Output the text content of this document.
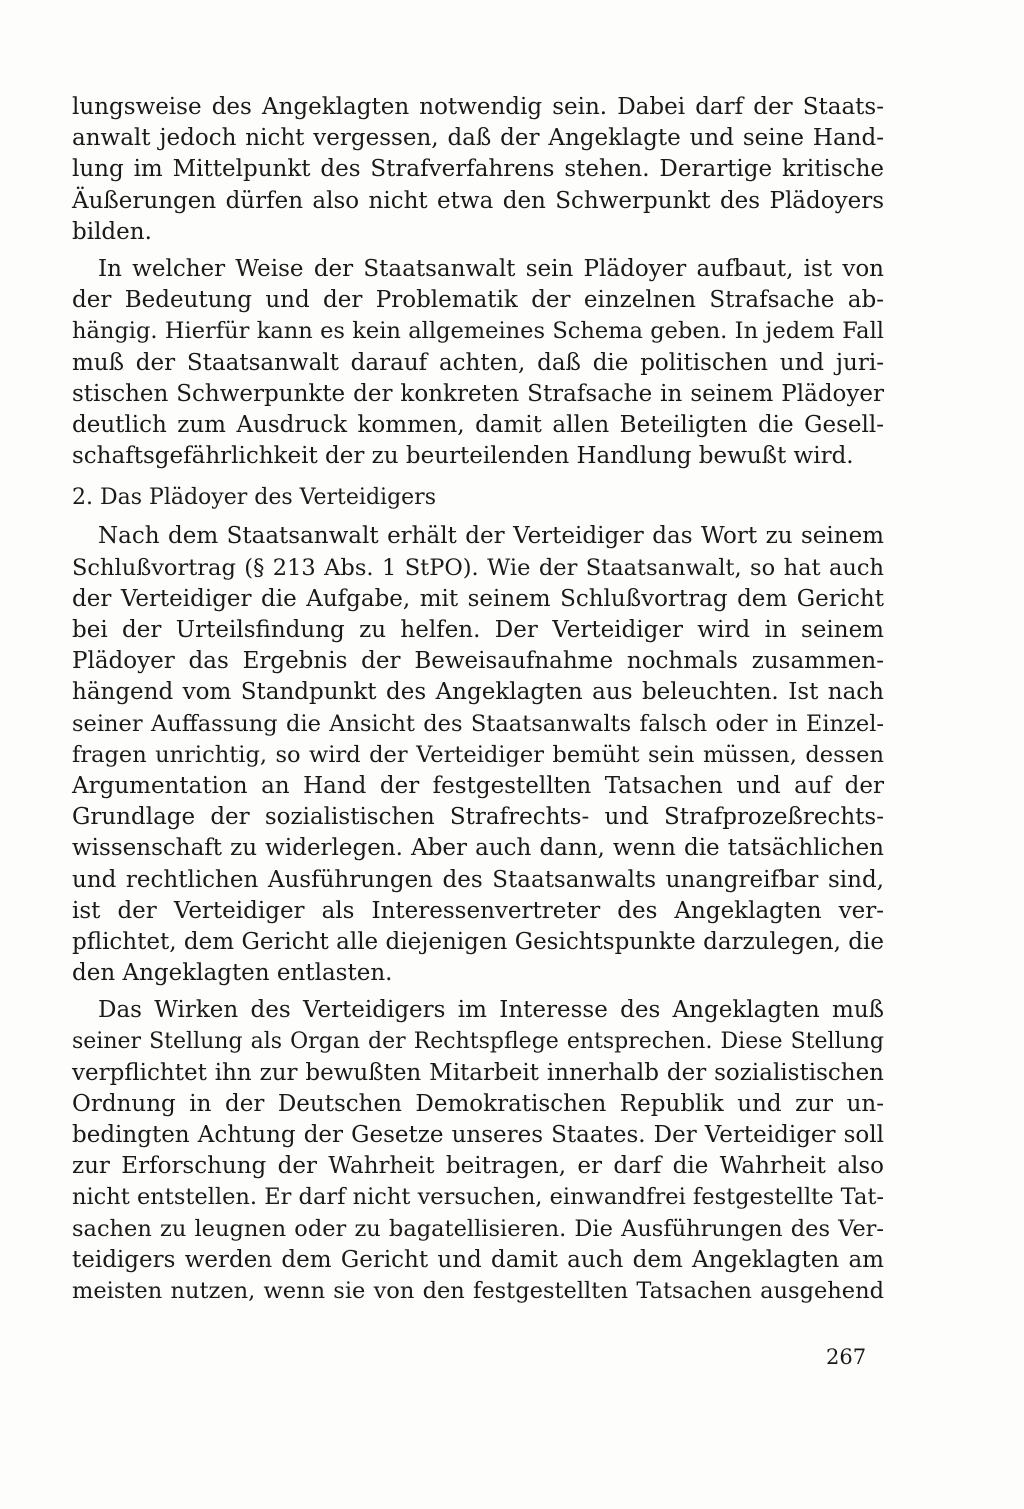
lungsweise des Angeklagten notwendig sein. Dabei darf der Staats-
anwalt jedoch nicht vergessen, daß der Angeklagte und seine Hand-
lung im Mittelpunkt des Strafverfahrens stehen. Derartige kritische
Äußerungen dürfen also nicht etwa den Schwerpunkt des Plädoyers
bilden.
In welcher Weise der Staatsanwalt sein Plädoyer aufbaut, ist von
der Bedeutung und der Problematik der einzelnen Strafsache ab-
hängig. Hierfür kann es kein allgemeines Schema geben. In jedem Fall
muß der Staatsanwalt darauf achten, daß die politischen und juri-
stischen Schwerpunkte der konkreten Strafsache in seinem Plädoyer
deutlich zum Ausdruck kommen, damit allen Beteiligten die Gesell-
schaftsgefährlichkeit der zu beurteilenden Handlung bewußt wird.
2. Das Plädoyer des Verteidigers
Nach dem Staatsanwalt erhält der Verteidiger das Wort zu seinem
Schlußvortrag (§ 213 Abs. 1 StPO). Wie der Staatsanwalt, so hat auch
der Verteidiger die Aufgabe, mit seinem Schlußvortrag dem Gericht
bei der Urteilsfindung zu helfen. Der Verteidiger wird in seinem
Plädoyer das Ergebnis der Beweisaufnahme nochmals zusammen-
hängend vom Standpunkt des Angeklagten aus beleuchten. Ist nach
seiner Auffassung die Ansicht des Staatsanwalts falsch oder in Einzel-
fragen unrichtig, so wird der Verteidiger bemüht sein müssen, dessen
Argumentation an Hand der festgestellten Tatsachen und auf der
Grundlage der sozialistischen Strafrechts- und Strafprozeßrechts-
wissenschaft zu widerlegen. Aber auch dann, wenn die tatsächlichen
und rechtlichen Ausführungen des Staatsanwalts unangreifbar sind,
ist der Verteidiger als Interessenvertreter des Angeklagten ver-
pflichtet, dem Gericht alle diejenigen Gesichtspunkte darzulegen, die
den Angeklagten entlasten.
Das Wirken des Verteidigers im Interesse des Angeklagten muß
seiner Stellung als Organ der Rechtspflege entsprechen. Diese Stellung
verpflichtet ihn zur bewußten Mitarbeit innerhalb der sozialistischen
Ordnung in der Deutschen Demokratischen Republik und zur un-
bedingten Achtung der Gesetze unseres Staates. Der Verteidiger soll
zur Erforschung der Wahrheit beitragen, er darf die Wahrheit also
nicht entstellen. Er darf nicht versuchen, einwandfrei festgestellte Tat-
sachen zu leugnen oder zu bagatellisieren. Die Ausführungen des Ver-
teidigers werden dem Gericht und damit auch dem Angeklagten am
meisten nutzen, wenn sie von den festgestellten Tatsachen ausgehend
267
